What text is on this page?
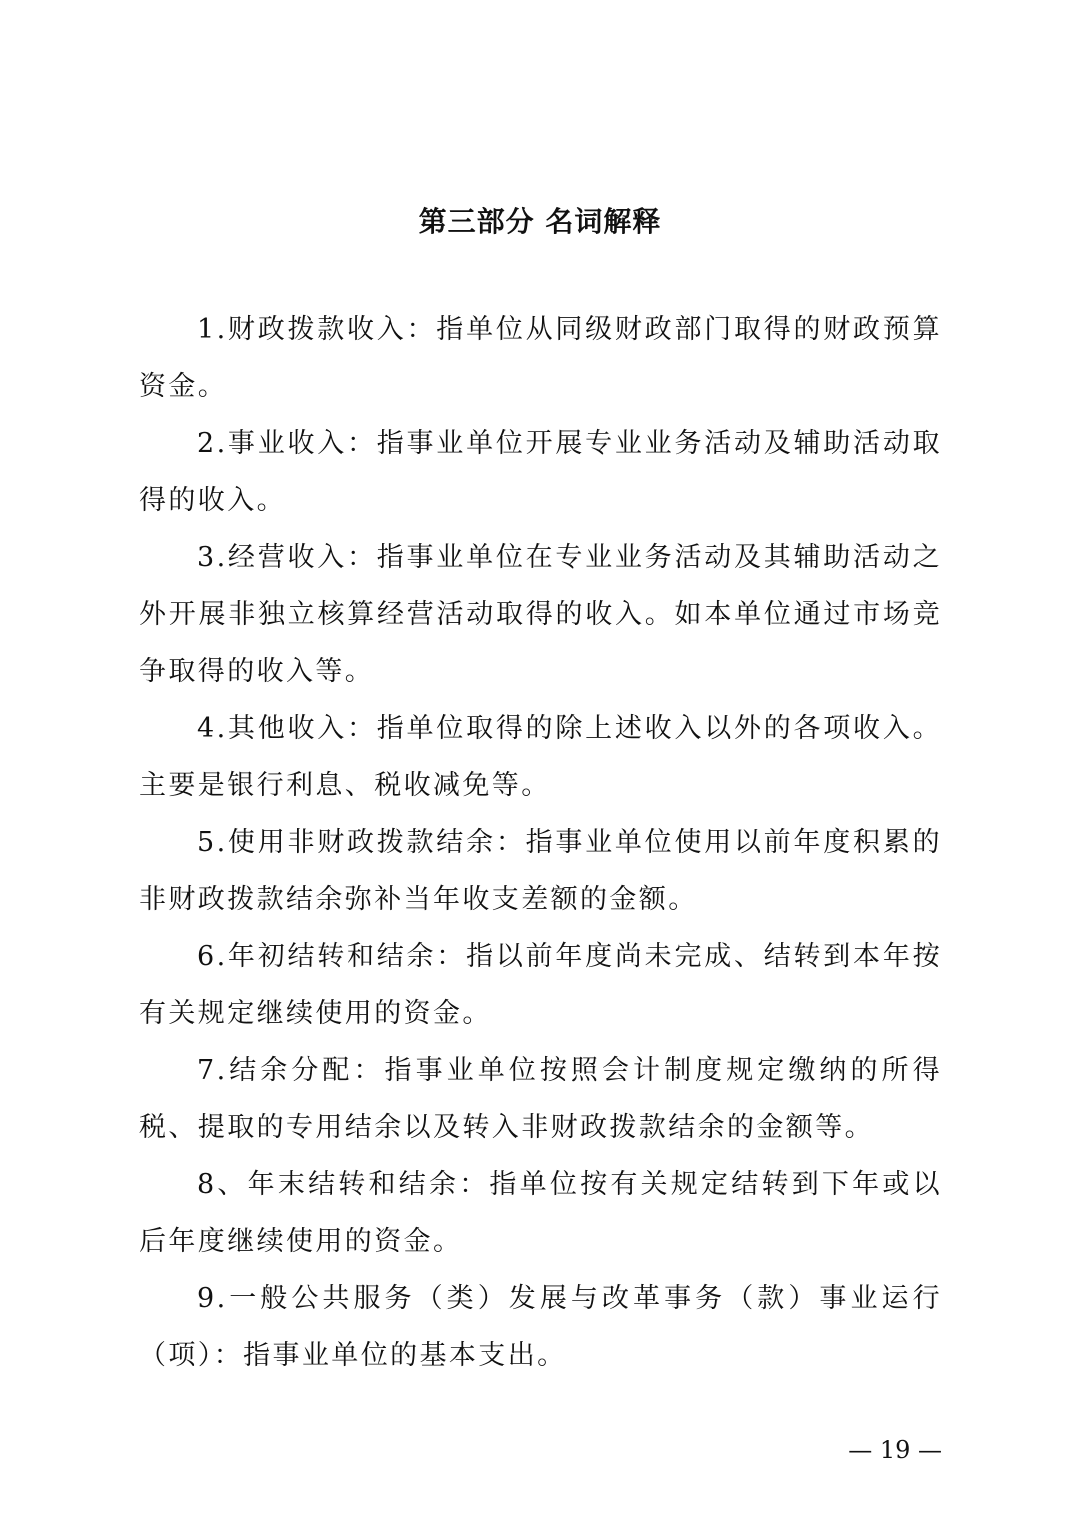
第三部分 名词解释

1.财政拨款收入：指单位从同级财政部门取得的财政预算资金。

2.事业收入：指事业单位开展专业业务活动及辅助活动取得的收入。

3.经营收入：指事业单位在专业业务活动及其辅助活动之外开展非独立核算经营活动取得的收入。如本单位通过市场竞争取得的收入等。

4.其他收入：指单位取得的除上述收入以外的各项收入。主要是银行利息、税收减免等。

5.使用非财政拨款结余：指事业单位使用以前年度积累的非财政拨款结余弥补当年收支差额的金额。

6.年初结转和结余：指以前年度尚未完成、结转到本年按有关规定继续使用的资金。

7.结余分配：指事业单位按照会计制度规定缴纳的所得税、提取的专用结余以及转入非财政拨款结余的金额等。

8、年末结转和结余：指单位按有关规定结转到下年或以后年度继续使用的资金。

9.一般公共服务（类）发展与改革事务（款）事业运行（项）：指事业单位的基本支出。

— 19 —
